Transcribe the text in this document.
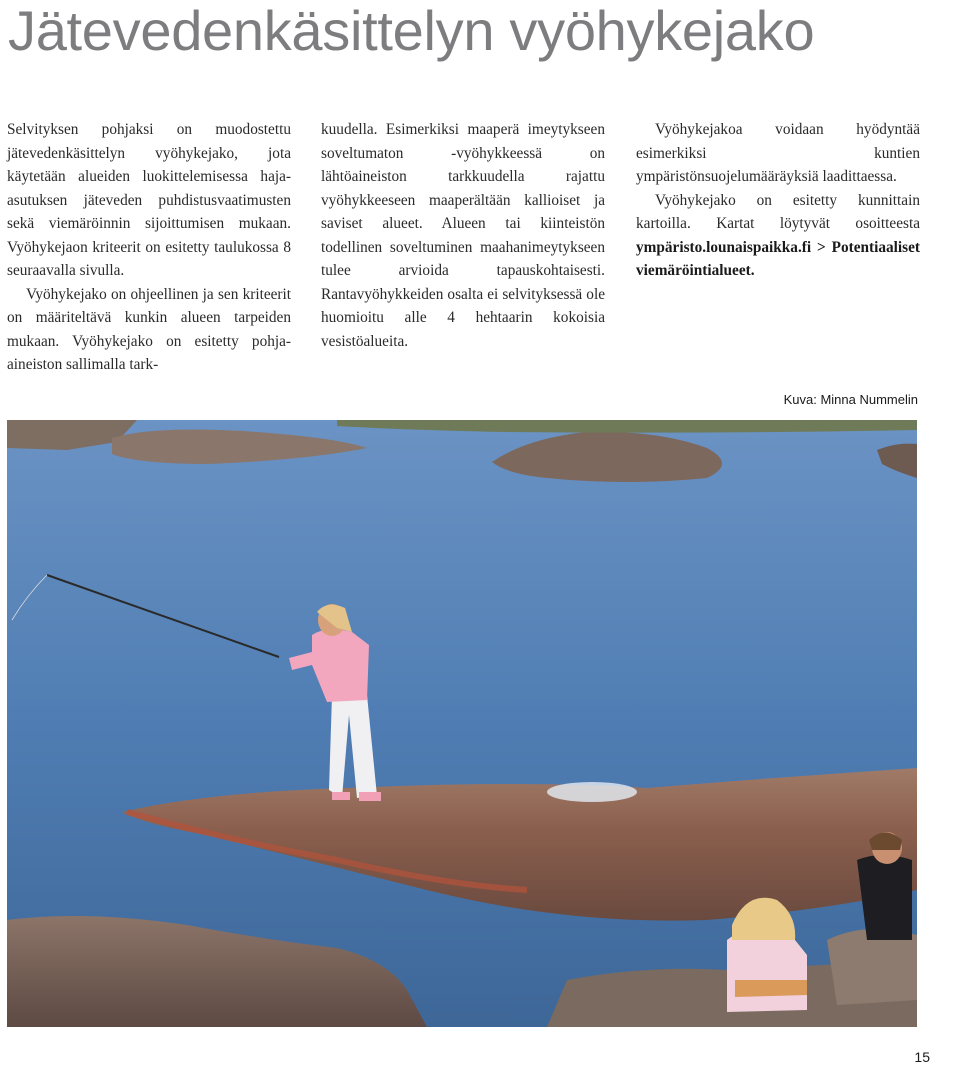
Jätevedenkäsittelyn vyöhykejako

Selvityksen pohjaksi on muodostettu jätevedenkäsittelyn vyöhykejako, jota käytetään alueiden luokittelemisessa haja-asutuksen jäteveden puhdistusvaatimusten sekä viemäröinnin sijoittumisen mukaan. Vyöhykejaon kriteerit on esitetty taulukossa 8 seuraavalla sivulla.

Vyöhykejako on ohjeellinen ja sen kriteerit on määriteltävä kunkin alueen tarpeiden mukaan. Vyöhykejako on esitetty pohja-aineiston sallimalla tark-

kuudella. Esimerkiksi maaperä imeytykseen soveltumaton -vyöhykkeessä on lähtöaineiston tarkkuudella rajattu vyöhykkeeseen maaperältään kallioiset ja saviset alueet. Alueen tai kiinteistön todellinen soveltuminen maahanimeytykseen tulee arvioida tapauskohtaisesti. Rantavyöhykkeiden osalta ei selvityksessä ole huomioitu alle 4 hehtaarin kokoisia vesistöalueita.

Vyöhykejakoa voidaan hyödyntää esimerkiksi kuntien ympäristönsuojelumääräyksiä laadittaessa.

Vyöhykejako on esitetty kunnittain kartoilla. Kartat löytyvät osoitteesta ympäristo.lounaispaikka.fi > Potentiaaliset viemäröintialueet.

Kuva: Minna Nummelin
15
